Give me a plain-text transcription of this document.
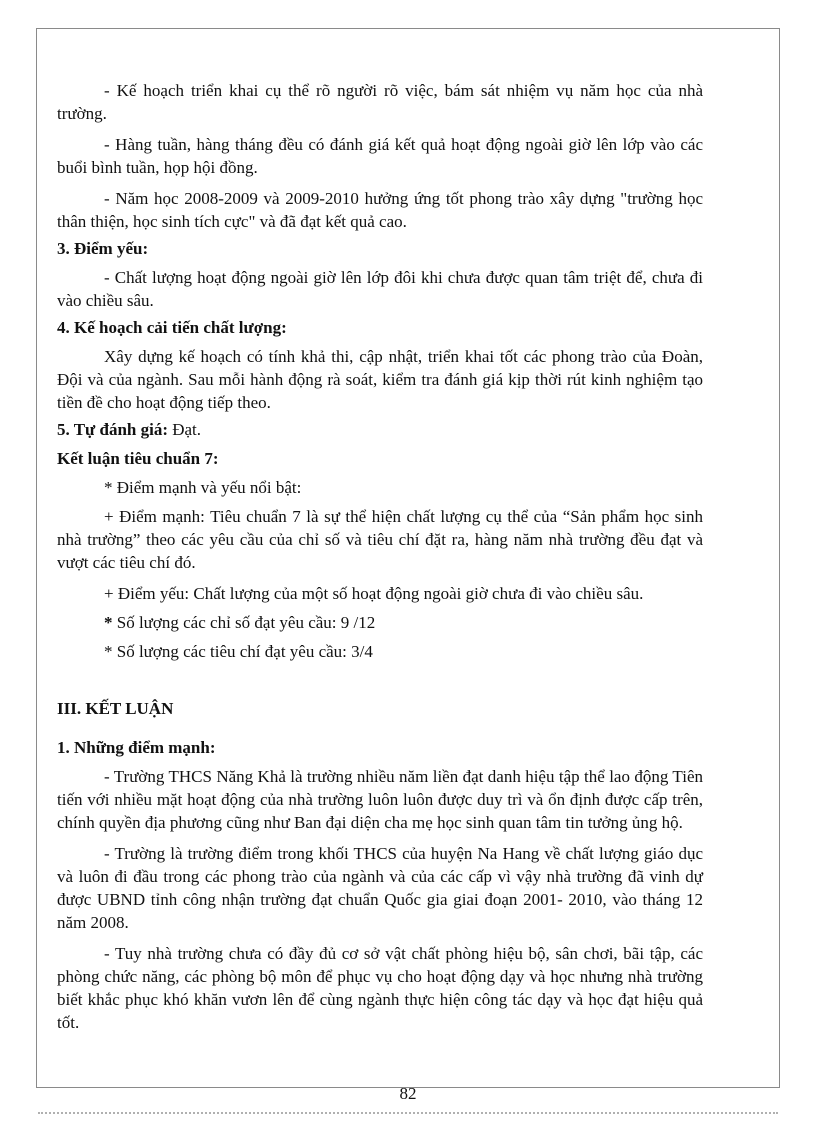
- Kế hoạch triển khai cụ thể rõ người rõ việc, bám sát nhiệm vụ năm học của nhà trường.

- Hàng tuần, hàng tháng đều có đánh giá kết quả hoạt động ngoài giờ lên lớp vào các buổi bình tuần, họp hội đồng.

- Năm học 2008-2009 và 2009-2010 hưởng ứng tốt phong trào xây dựng "trường học thân thiện, học sinh tích cực" và đã đạt kết quả cao.

3. Điểm yếu:

- Chất lượng hoạt động ngoài giờ lên lớp đôi khi chưa được quan tâm triệt để, chưa đi vào chiều sâu.

4. Kế hoạch cải tiến chất lượng:

Xây dựng kế hoạch có tính khả thi, cập nhật, triển khai tốt các phong trào của Đoàn, Đội và của ngành. Sau mỗi hành động rà soát, kiểm tra đánh giá kịp thời rút kinh nghiệm tạo tiền đề cho hoạt động tiếp theo.

5. Tự đánh giá: Đạt.

Kết luận tiêu chuẩn 7:

* Điểm mạnh và yếu nổi bật:

+ Điểm mạnh: Tiêu chuẩn 7 là sự thể hiện chất lượng cụ thể của “Sản phẩm học sinh nhà trường” theo các yêu cầu của chỉ số và tiêu chí đặt ra, hàng năm nhà trường đều đạt và vượt các tiêu chí đó.

+ Điểm yếu: Chất lượng của một số hoạt động ngoài giờ chưa đi vào chiều sâu.

* Số lượng các chỉ số đạt yêu cầu: 9 /12

* Số lượng các tiêu chí đạt yêu cầu: 3/4

III. KẾT LUẬN

1. Những điểm mạnh:

- Trường THCS Năng Khả là trường nhiều năm liền đạt danh hiệu tập thể lao động Tiên tiến với nhiều mặt hoạt động của nhà trường luôn luôn được duy trì và ổn định được cấp trên, chính quyền địa phương cũng như Ban đại diện cha mẹ học sinh quan tâm tin tưởng ủng hộ.

- Trường là trường điểm trong khối THCS của huyện Na Hang về chất lượng giáo dục và luôn đi đầu trong các phong trào của ngành và của các cấp vì vậy nhà trường đã vinh dự được UBND tỉnh công nhận trường đạt chuẩn Quốc gia giai đoạn 2001- 2010, vào tháng 12 năm 2008.

- Tuy nhà trường chưa có đầy đủ cơ sở vật chất phòng hiệu bộ, sân chơi, bãi tập, các phòng chức năng, các phòng bộ môn để phục vụ cho hoạt động dạy và học nhưng nhà trường biết khắc phục khó khăn vươn lên để cùng ngành thực hiện công tác dạy và học đạt hiệu quả tốt.

82
